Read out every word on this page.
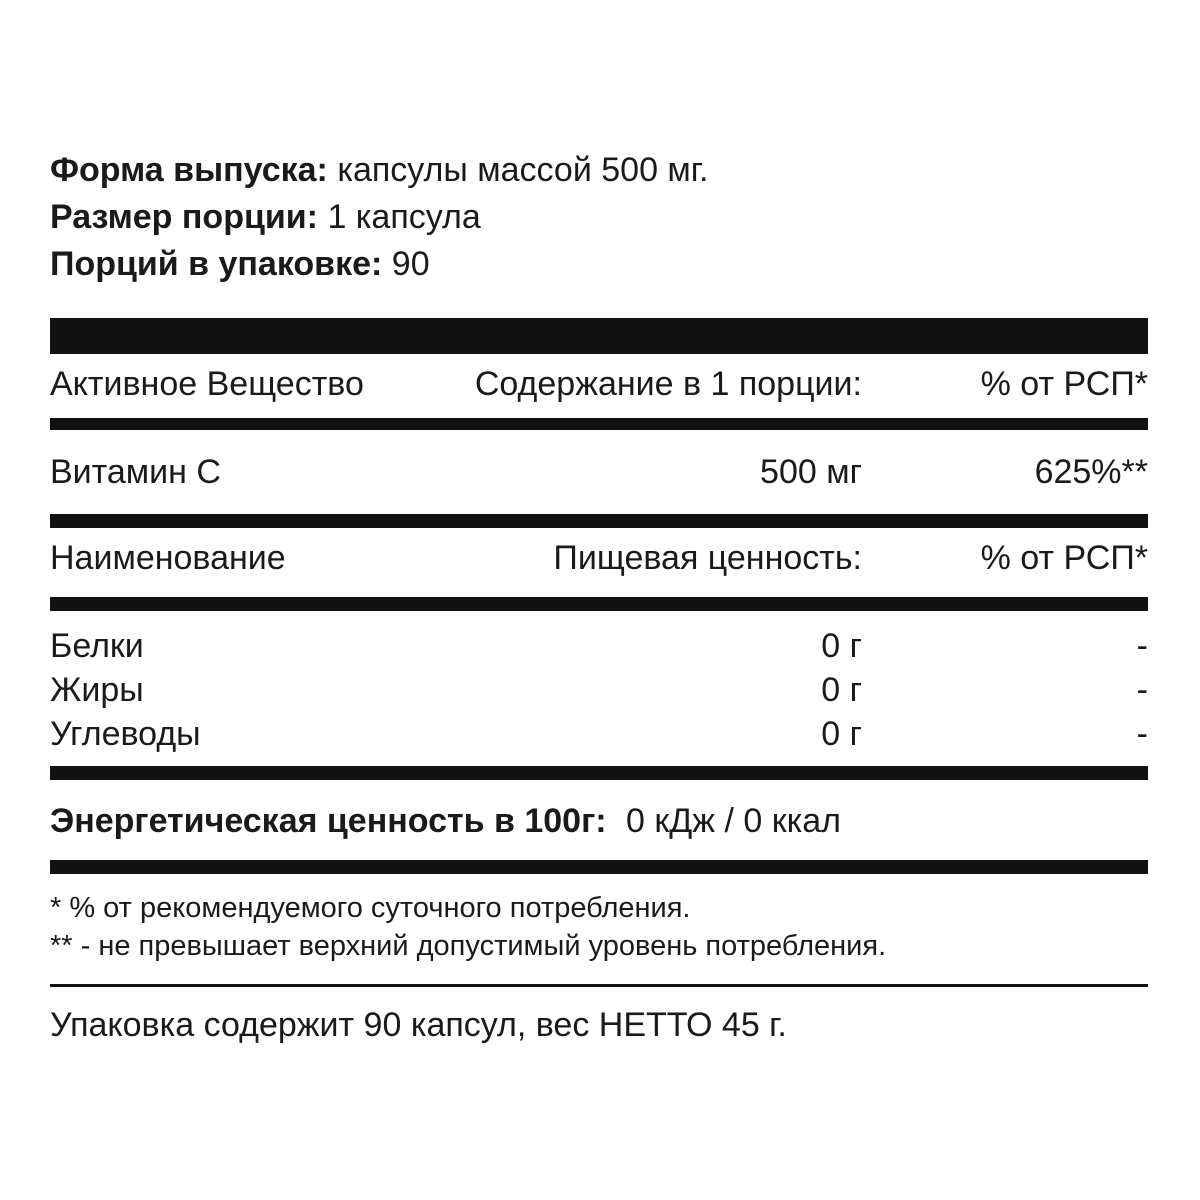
Форма выпуска: капсулы массой 500 мг.
Размер порции: 1 капсула
Порций в упаковке: 90
Активное Вещество	Содержание в 1 порции:	% от РСП*
Витамин С	500 мг	625%**
Наименование	Пищевая ценность:	% от РСП*
Белки	0 г	-
Жиры	0 г	-
Углеводы	0 г	-
Энергетическая ценность в 100г: 0 кДж / 0 ккал
* % от рекомендуемого суточного потребления.
** - не превышает верхний допустимый уровень потребления.
Упаковка содержит 90 капсул, вес НЕТТО 45 г.
